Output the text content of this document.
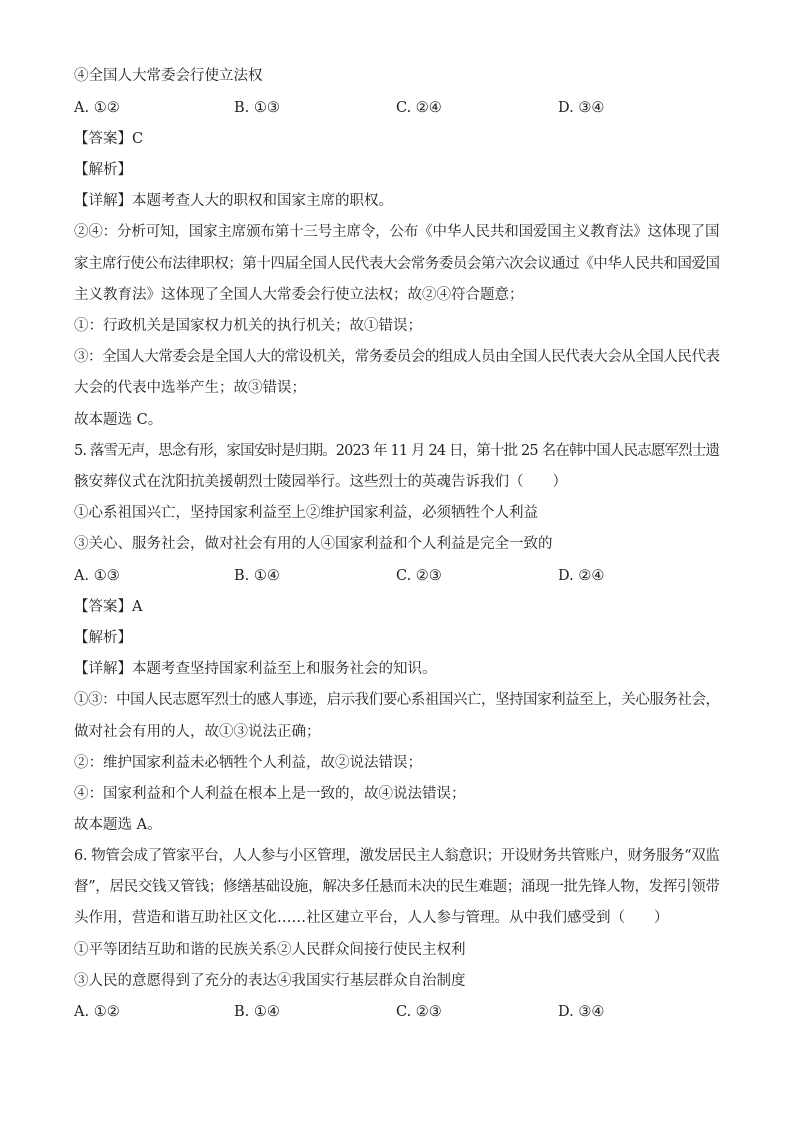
④全国人大常委会行使立法权
A. ①②	B. ①③	C. ②④	D. ③④
【答案】C
【解析】
【详解】本题考查人大的职权和国家主席的职权。
②④：分析可知，国家主席颁布第十三号主席令，公布《中华人民共和国爱国主义教育法》这体现了国
家主席行使公布法律职权；第十四届全国人民代表大会常务委员会第六次会议通过《中华人民共和国爱国
主义教育法》这体现了全国人大常委会行使立法权；故②④符合题意；
①：行政机关是国家权力机关的执行机关；故①错误；
③：全国人大常委会是全国人大的常设机关，常务委员会的组成人员由全国人民代表大会从全国人民代表
大会的代表中选举产生；故③错误；
故本题选 C。
5. 落雪无声，思念有形，家国安时是归期。2023 年 11 月 24 日，第十批 25 名在韩中国人民志愿军烈士遗
骸安葬仪式在沈阳抗美援朝烈士陵园举行。这些烈士的英魂告诉我们（　　）
①心系祖国兴亡，坚持国家利益至上②维护国家利益，必须牺牲个人利益
③关心、服务社会，做对社会有用的人④国家利益和个人利益是完全一致的
A. ①③	B. ①④	C. ②③	D. ②④
【答案】A
【解析】
【详解】本题考查坚持国家利益至上和服务社会的知识。
①③：中国人民志愿军烈士的感人事迹，启示我们要心系祖国兴亡，坚持国家利益至上，关心服务社会，
做对社会有用的人，故①③说法正确；
②：维护国家利益未必牺牲个人利益，故②说法错误；
④：国家利益和个人利益在根本上是一致的，故④说法错误；
故本题选 A。
6. 物管会成了管家平台，人人参与小区管理，激发居民主人翁意识；开设财务共管账户，财务服务“双监
督”，居民交钱又管钱；修缮基础设施，解决多任悬而未决的民生难题；涌现一批先锋人物，发挥引领带
头作用，营造和谐互助社区文化……社区建立平台，人人参与管理。从中我们感受到（　　）
①平等团结互助和谐的民族关系②人民群众间接行使民主权利
③人民的意愿得到了充分的表达④我国实行基层群众自治制度
A. ①②	B. ①④	C. ②③	D. ③④
